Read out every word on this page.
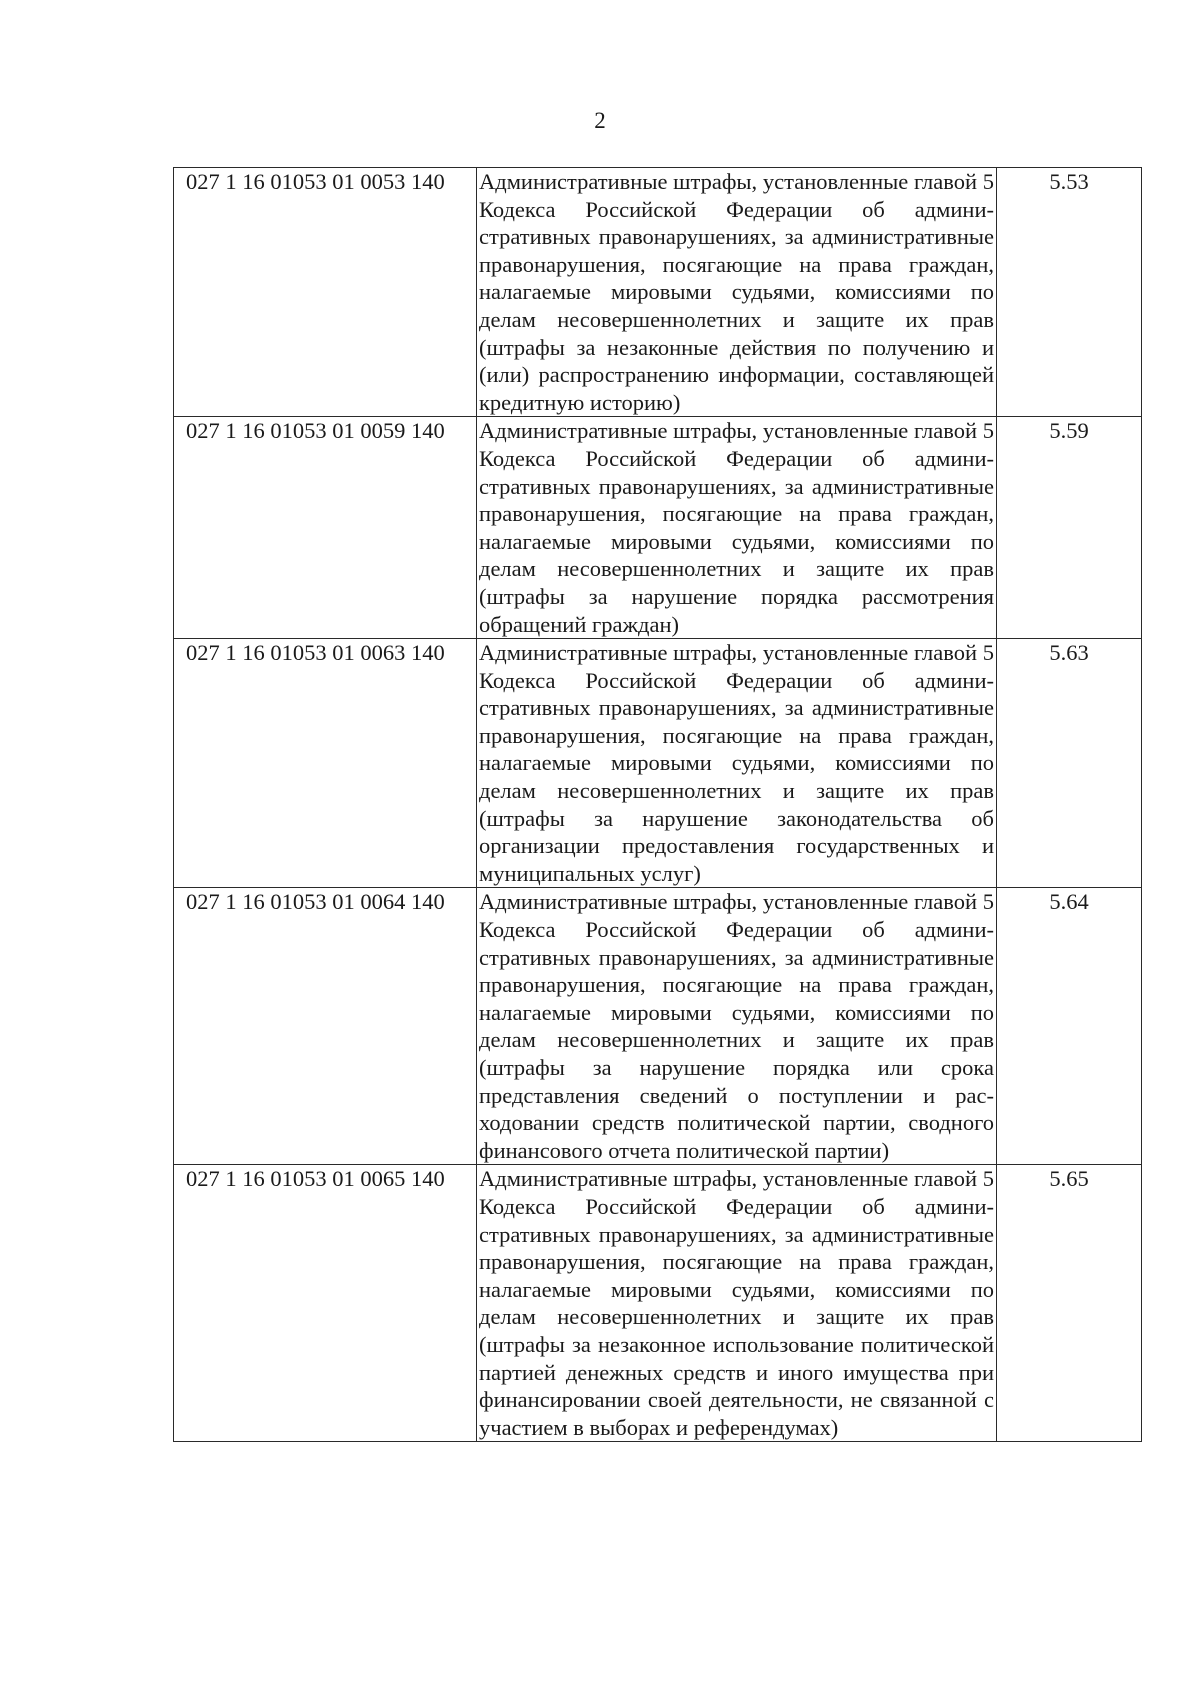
2
027 1 16 01053 01 0053 140	Административные штрафы, установленные главой 5 Кодекса Российской Федерации об административных правонарушениях, за административные правонарушения, посягающие на права граждан, налагаемые мировыми судьями, комиссиями по делам несовершеннолетних и защите их прав (штрафы за незаконные действия по получению и (или) распространению информации, составляющей кредитную историю)	5.53
027 1 16 01053 01 0059 140	Административные штрафы, установленные главой 5 Кодекса Российской Федерации об административных правонарушениях, за административные правонарушения, посягающие на права граждан, налагаемые мировыми судьями, комиссиями по делам несовершеннолетних и защите их прав (штрафы за нарушение порядка рассмотрения обращений граждан)	5.59
027 1 16 01053 01 0063 140	Административные штрафы, установленные главой 5 Кодекса Российской Федерации об административных правонарушениях, за административные правонарушения, посягающие на права граждан, налагаемые мировыми судьями, комиссиями по делам несовершеннолетних и защите их прав (штрафы за нарушение законодательства об организации предоставления государственных и муниципальных услуг)	5.63
027 1 16 01053 01 0064 140	Административные штрафы, установленные главой 5 Кодекса Российской Федерации об административных правонарушениях, за административные правонарушения, посягающие на права граждан, налагаемые мировыми судьями, комиссиями по делам несовершеннолетних и защите их прав (штрафы за нарушение порядка или срока представления сведений о поступлении и расходовании средств политической партии, сводного финансового отчета политической партии)	5.64
027 1 16 01053 01 0065 140	Административные штрафы, установленные главой 5 Кодекса Российской Федерации об административных правонарушениях, за административные правонарушения, посягающие на права граждан, налагаемые мировыми судьями, комиссиями по делам несовершеннолетних и защите их прав (штрафы за незаконное использование политической партией денежных средств и иного имущества при финансировании своей деятельности, не связанной с участием в выборах и референдумах)	5.65
